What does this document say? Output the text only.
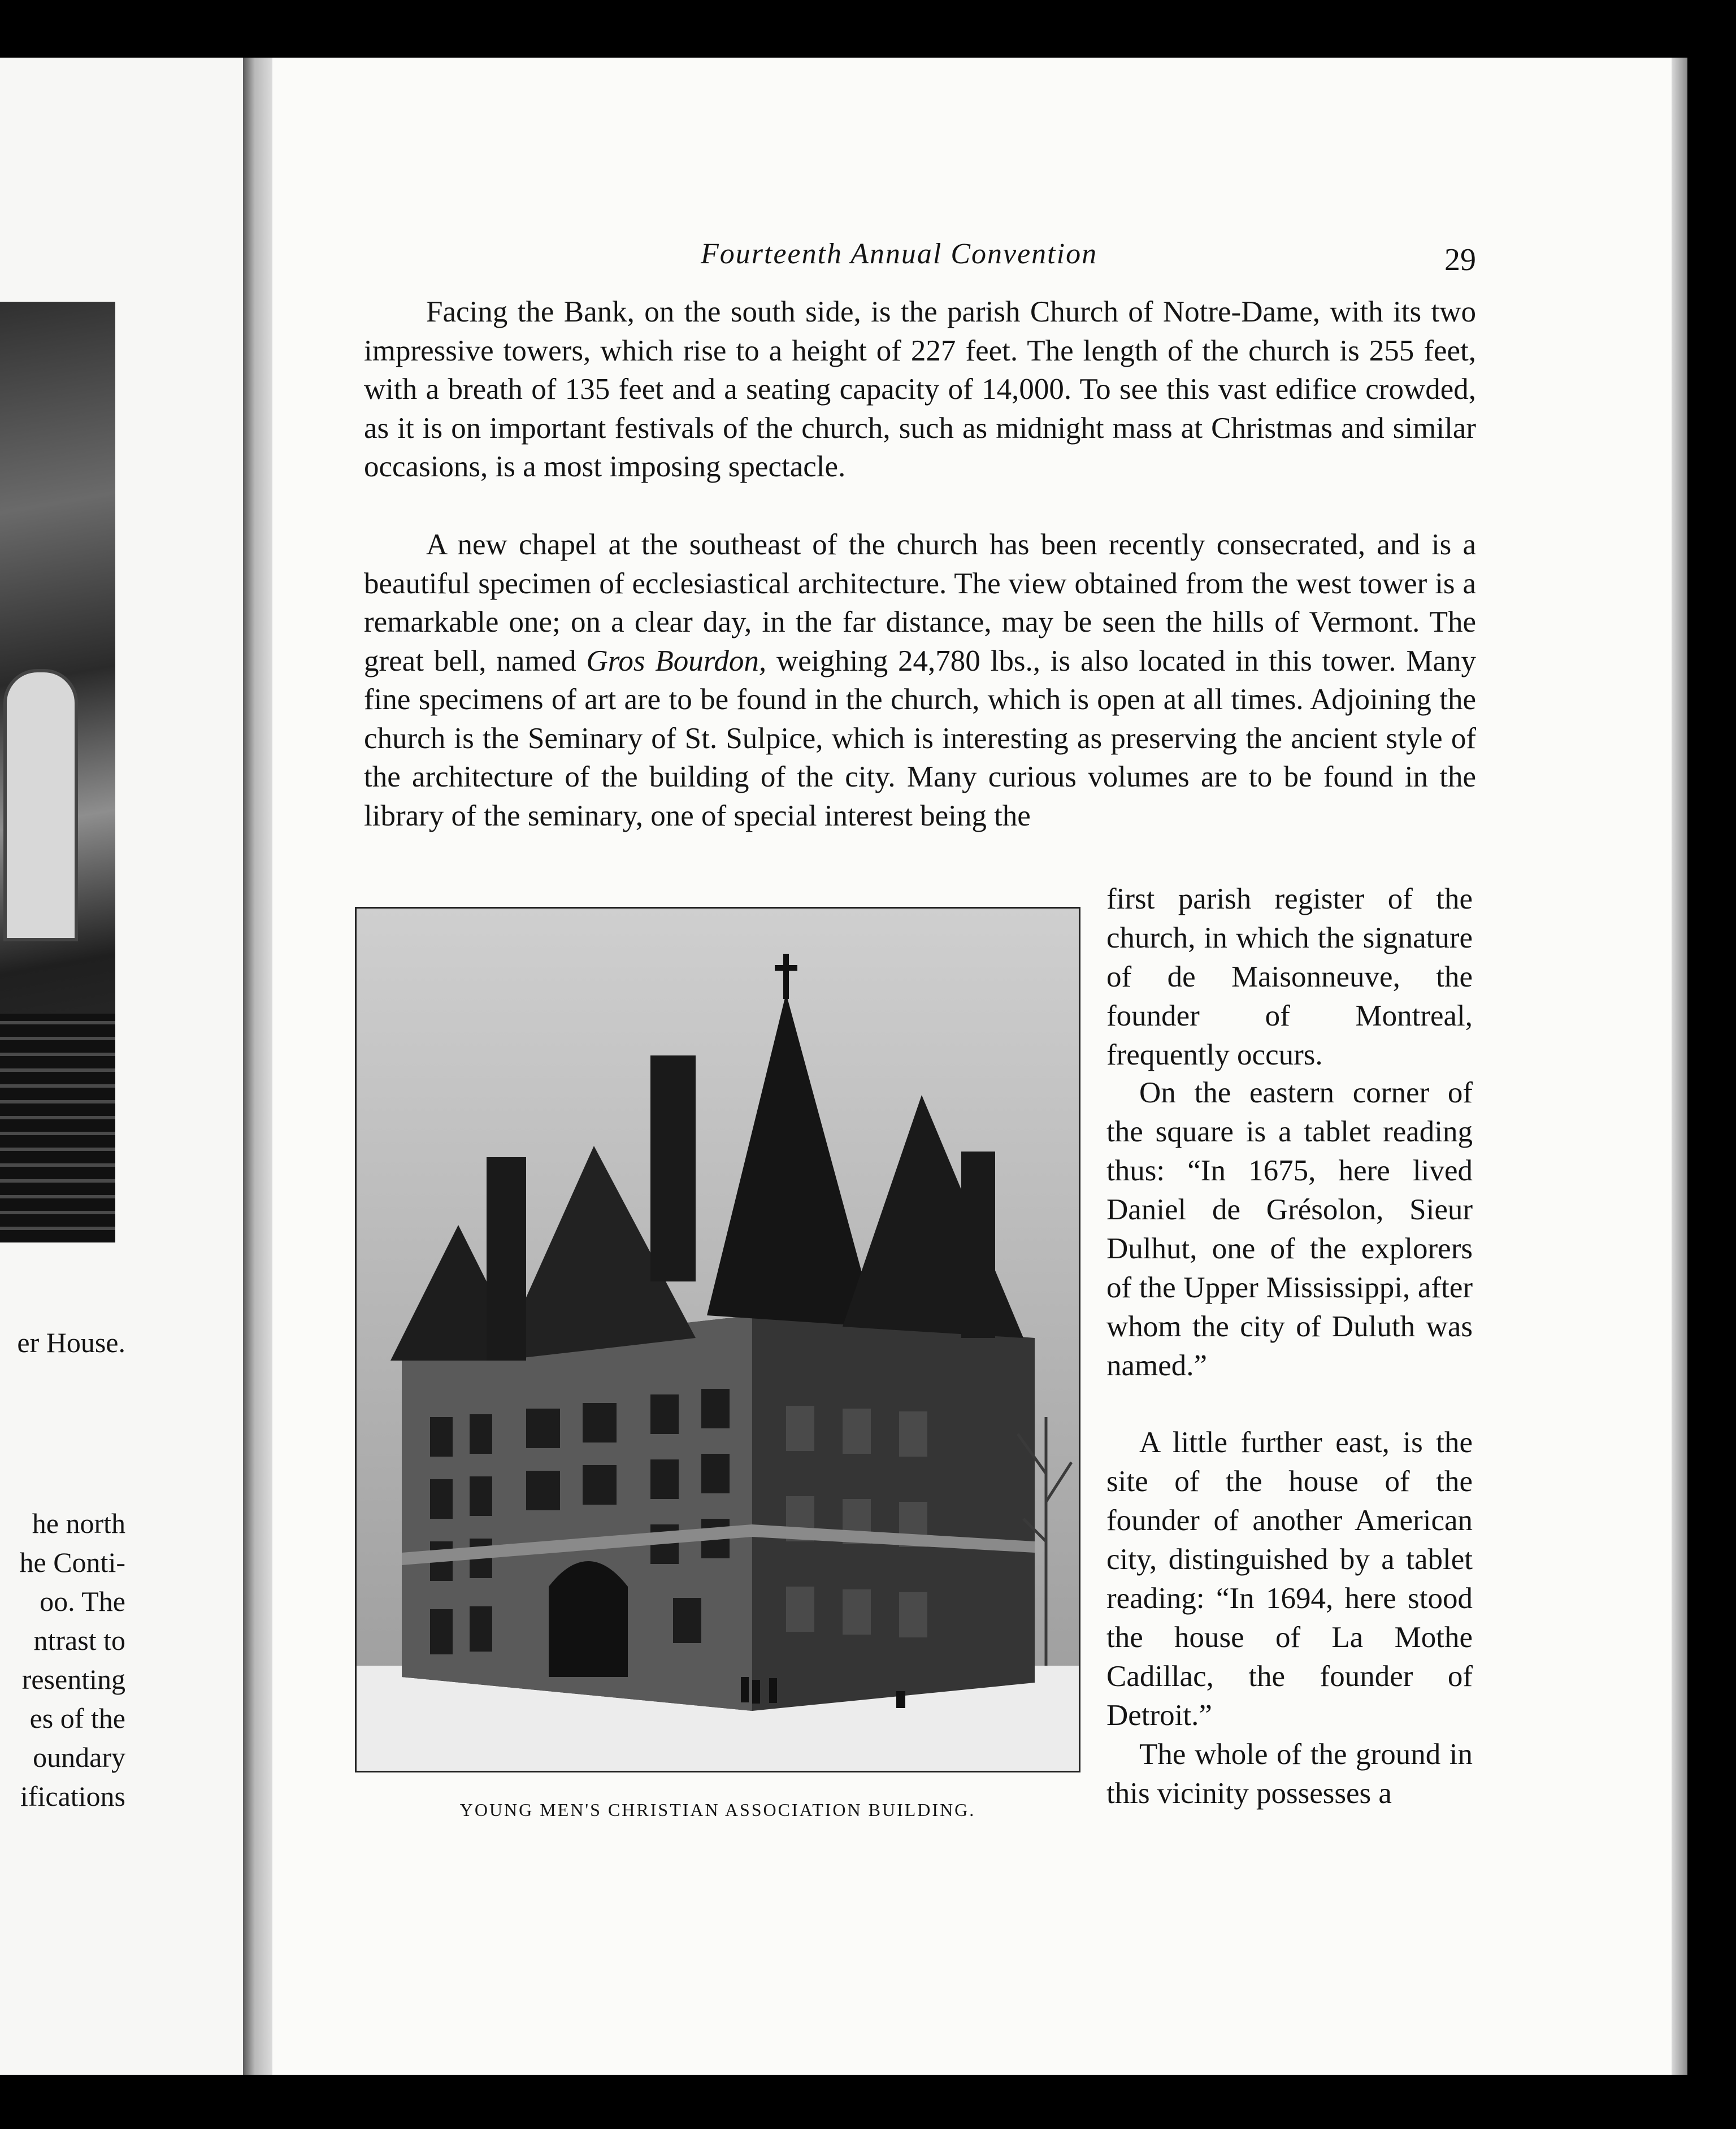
er House.
he north
he Conti-
oo. The
ntrast to
resenting
es of the
oundary
ifications
Fourteenth Annual Convention	29

Facing the Bank, on the south side, is the parish Church of Notre-Dame, with its two impressive towers, which rise to a height of 227 feet. The length of the church is 255 feet, with a breath of 135 feet and a seating capacity of 14,000. To see this vast edifice crowded, as it is on important festivals of the church, such as midnight mass at Christmas and similar occasions, is a most imposing spectacle.

A new chapel at the southeast of the church has been recently consecrated, and is a beautiful specimen of ecclesiastical architecture. The view obtained from the west tower is a remarkable one; on a clear day, in the far distance, may be seen the hills of Vermont. The great bell, named Gros Bourdon, weighing 24,780 lbs., is also located in this tower. Many fine specimens of art are to be found in the church, which is open at all times. Adjoining the church is the Seminary of St. Sulpice, which is interesting as preserving the ancient style of the architecture of the building of the city. Many curious volumes are to be found in the library of the seminary, one of special interest being the

YOUNG MEN'S CHRISTIAN ASSOCIATION BUILDING.

first parish register of the church, in which the signature of de Maisonneuve, the founder of Montreal, frequently occurs.

On the eastern corner of the square is a tablet reading thus: “In 1675, here lived Daniel de Grésolon, Sieur Dulhut, one of the explorers of the Upper Mississippi, after whom the city of Duluth was named.”

A little further east, is the site of the house of the founder of another American city, distinguished by a tablet reading: “In 1694, here stood the house of La Mothe Cadillac, the founder of Detroit.”

The whole of the ground in this vicinity possesses a
